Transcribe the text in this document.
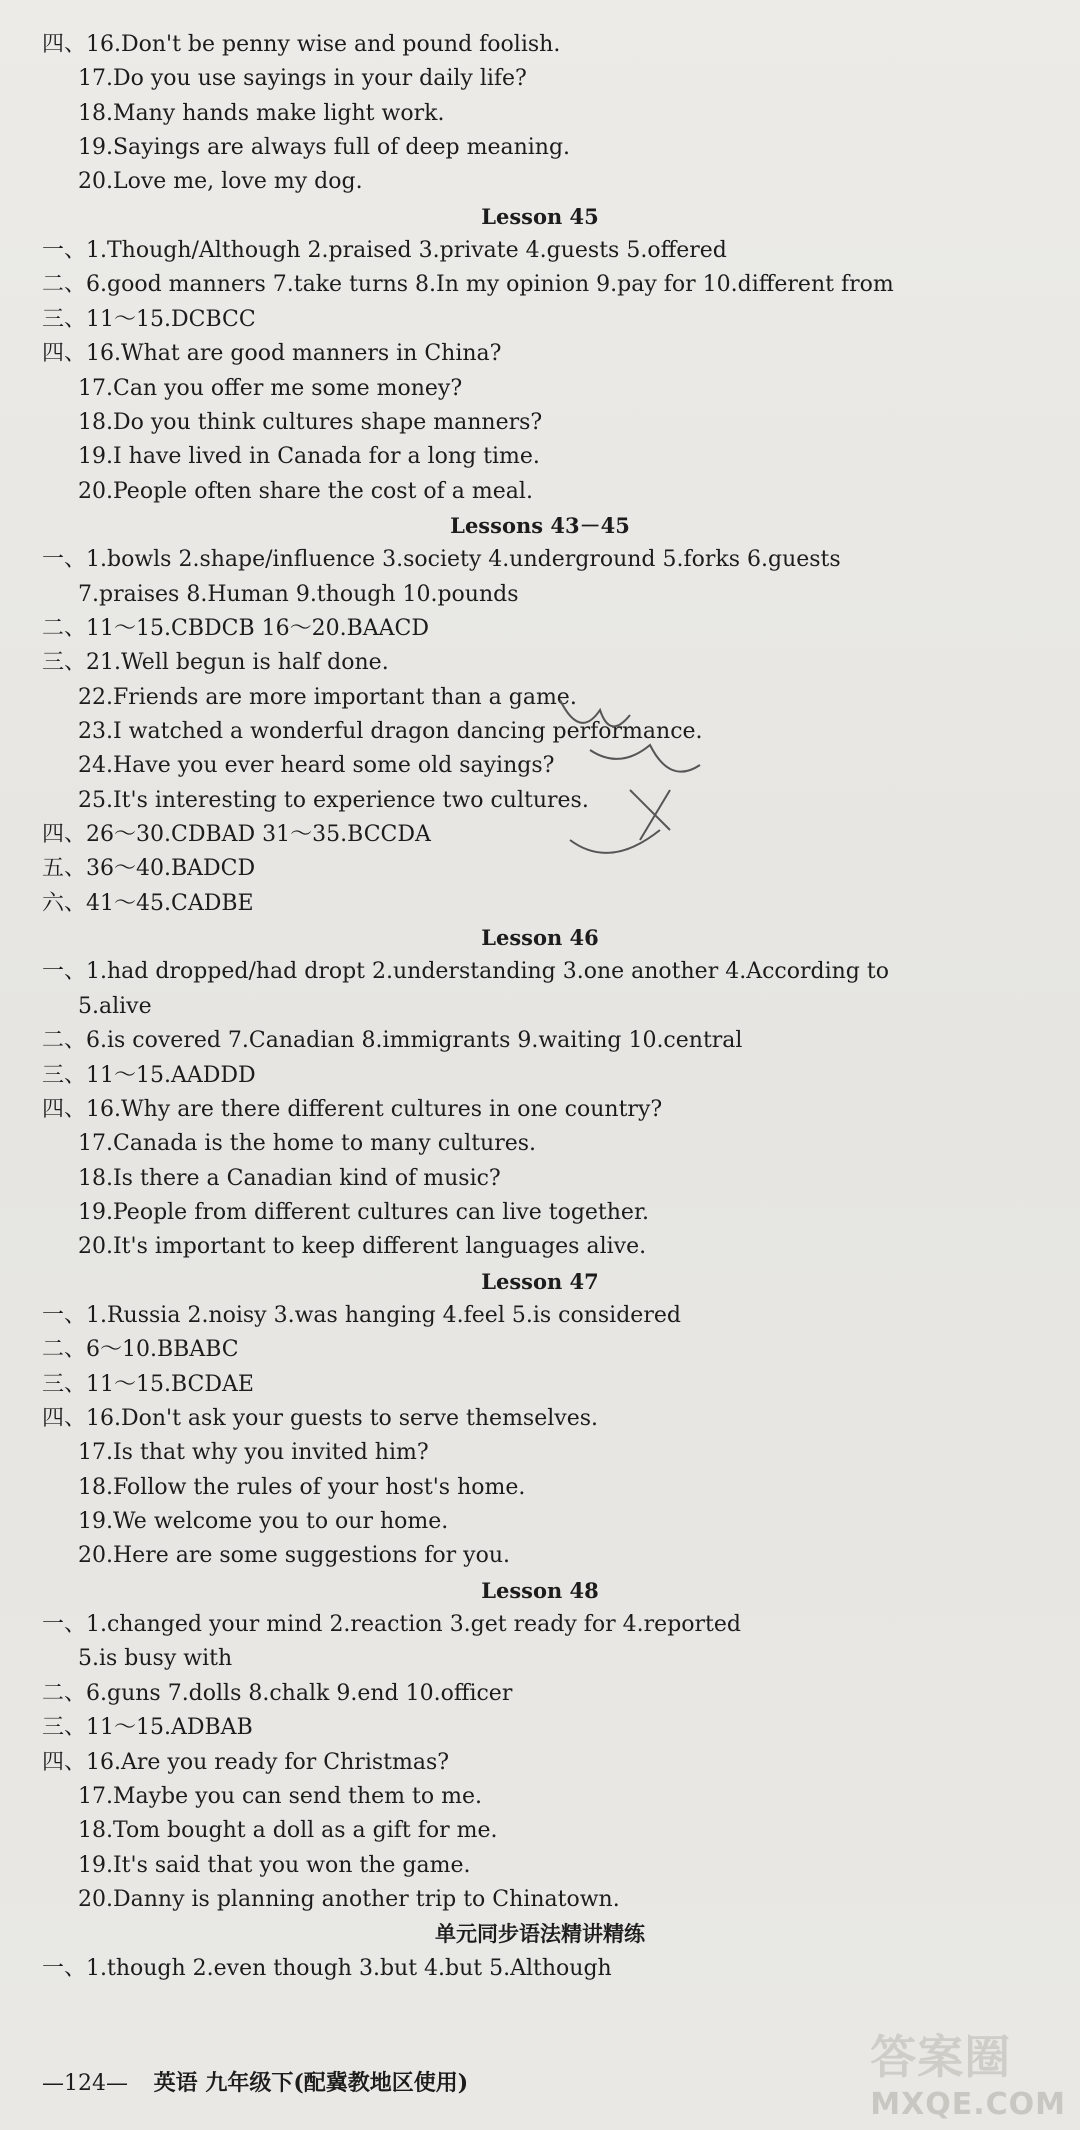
四、16.Don't be penny wise and pound foolish.
17.Do you use sayings in your daily life?
18.Many hands make light work.
19.Sayings are always full of deep meaning.
20.Love me, love my dog.
Lesson 45
一、1.Though/Although 2.praised 3.private 4.guests 5.offered
二、6.good manners 7.take turns 8.In my opinion 9.pay for 10.different from
三、11～15.DCBCC
四、16.What are good manners in China?
17.Can you offer me some money?
18.Do you think cultures shape manners?
19.I have lived in Canada for a long time.
20.People often share the cost of a meal.
Lessons 43－45
一、1.bowls 2.shape/influence 3.society 4.underground 5.forks 6.guests
7.praises 8.Human 9.though 10.pounds
二、11～15.CBDCB 16～20.BAACD
三、21.Well begun is half done.
22.Friends are more important than a game.
23.I watched a wonderful dragon dancing performance.
24.Have you ever heard some old sayings?
25.It's interesting to experience two cultures.
四、26～30.CDBAD 31～35.BCCDA
五、36～40.BADCD
六、41～45.CADBE
Lesson 46
一、1.had dropped/had dropt 2.understanding 3.one another 4.According to
5.alive
二、6.is covered 7.Canadian 8.immigrants 9.waiting 10.central
三、11～15.AADDD
四、16.Why are there different cultures in one country?
17.Canada is the home to many cultures.
18.Is there a Canadian kind of music?
19.People from different cultures can live together.
20.It's important to keep different languages alive.
Lesson 47
一、1.Russia 2.noisy 3.was hanging 4.feel 5.is considered
二、6～10.BBABC
三、11～15.BCDAE
四、16.Don't ask your guests to serve themselves.
17.Is that why you invited him?
18.Follow the rules of your host's home.
19.We welcome you to our home.
20.Here are some suggestions for you.
Lesson 48
一、1.changed your mind 2.reaction 3.get ready for 4.reported
5.is busy with
二、6.guns 7.dolls 8.chalk 9.end 10.officer
三、11～15.ADBAB
四、16.Are you ready for Christmas?
17.Maybe you can send them to me.
18.Tom bought a doll as a gift for me.
19.It's said that you won the game.
20.Danny is planning another trip to Chinatown.
单元同步语法精讲精练
一、1.though 2.even though 3.but 4.but 5.Although
—124— 英语 九年级下(配冀教地区使用)	答案圈
MXQE.COM
